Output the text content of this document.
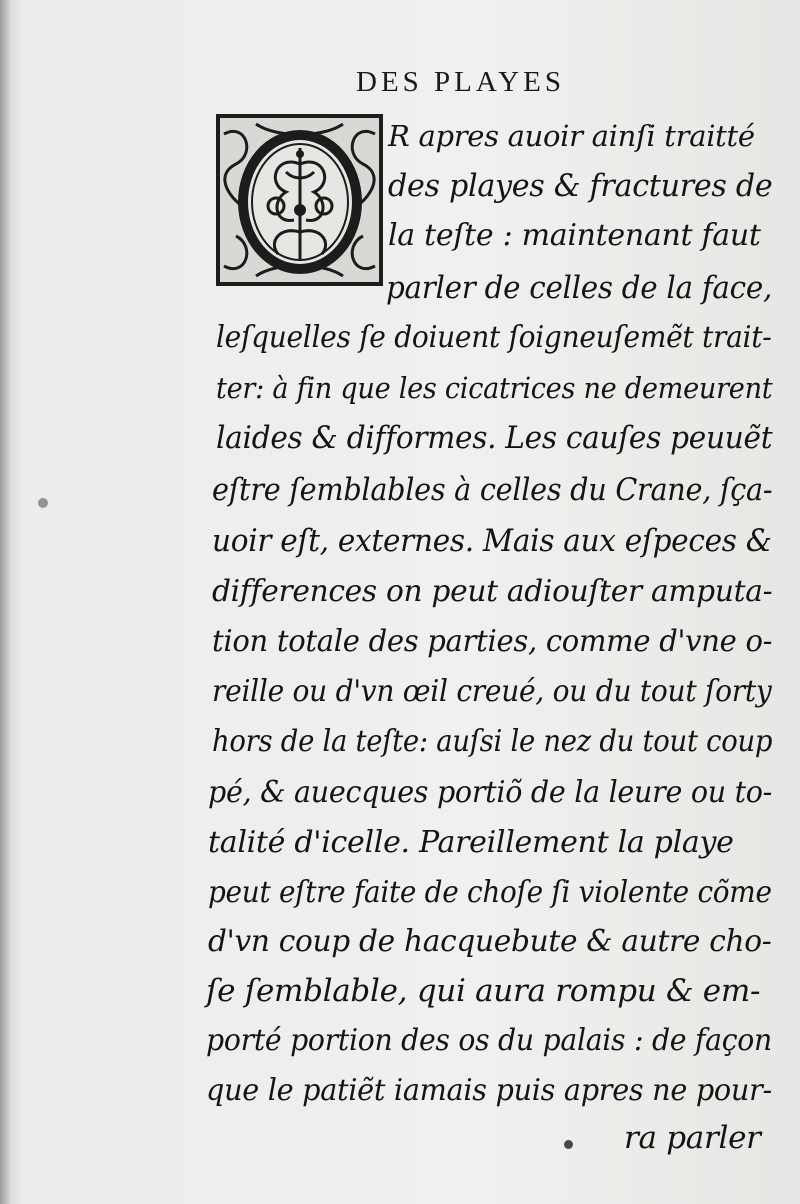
DES PLAYES
R apres auoir ainſi traitté
des playes & fractures de
la teſte : maintenant faut
parler de celles de la face,
leſquelles ſe doiuent ſoigneuſemẽt trait-
ter: à fin que les cicatrices ne demeurent
laides & difformes. Les cauſes peuuẽt
eſtre ſemblables à celles du Crane, ſça-
uoir eſt, externes. Mais aux eſpeces &
differences on peut adiouſter amputa-
tion totale des parties, comme d'vne o-
reille ou d'vn œil creué, ou du tout ſorty
hors de la teſte: auſsi le nez du tout coup
pé, & auecques portiõ de la leure ou to-
talité d'icelle. Pareillement la playe
peut eſtre faite de choſe ſi violente cõme
d'vn coup de hacquebute & autre cho-
ſe ſemblable, qui aura rompu & em-
porté portion des os du palais : de façon
que le patiẽt iamais puis apres ne pour-
ra parler
